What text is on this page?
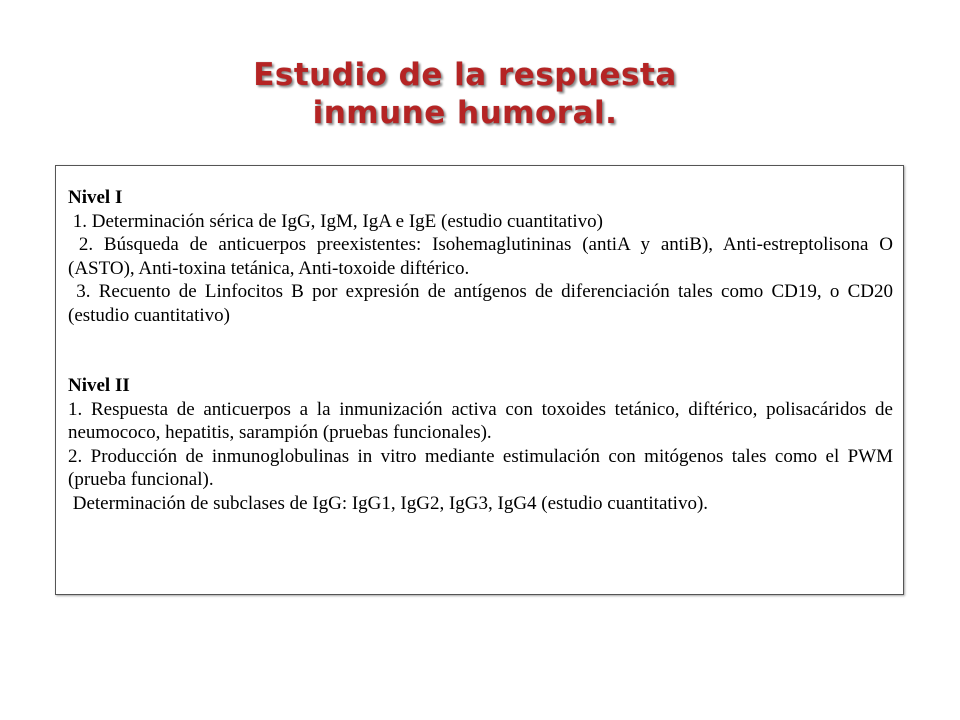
Estudio de la respuesta
inmune humoral.

Nivel I

1. Determinación sérica de IgG, IgM, IgA e IgE (estudio cuantitativo)

2. Búsqueda de anticuerpos preexistentes: Isohemaglutininas (antiA y antiB), Anti-estreptolisona O (ASTO), Anti-toxina tetánica, Anti-toxoide diftérico.

3. Recuento de Linfocitos B por expresión de antígenos de diferenciación tales como CD19, o CD20 (estudio cuantitativo)

Nivel II

1. Respuesta de anticuerpos a la inmunización activa con toxoides tetánico, diftérico, polisacáridos de neumococo, hepatitis, sarampión (pruebas funcionales).

2. Producción de inmunoglobulinas in vitro mediante estimulación con mitógenos tales como el PWM (prueba funcional).

Determinación de subclases de IgG: IgG1, IgG2, IgG3, IgG4 (estudio cuantitativo).
